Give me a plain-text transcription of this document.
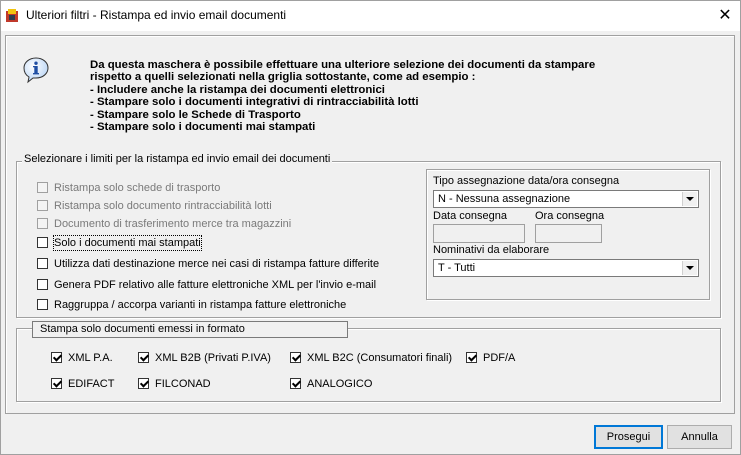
Ulteriori filtri - Ristampa ed invio email documenti	✕
Da questa maschera è possibile effettuare una ulteriore selezione dei documenti da stampare
rispetto a quelli selezionati nella griglia sottostante, come ad esempio :
- Includere anche la ristampa dei documenti elettronici
- Stampare solo i documenti integrativi di rintracciabilità lotti
- Stampare solo le Schede di Trasporto
- Stampare solo i documenti mai stampati
Selezionare i limiti per la ristampa ed invio email dei documenti
Ristampa solo schede di trasporto
Ristampa solo documento rintracciabilità lotti
Documento di trasferimento merce tra magazzini
Solo i documenti mai stampati
Utilizza dati destinazione merce nei casi di ristampa fatture differite
Genera PDF relativo alle fatture elettroniche XML per l'invio e-mail
Raggruppa / accorpa varianti in ristampa fatture elettroniche
Tipo assegnazione data/ora consegna
N - Nessuna assegnazione
Data consegna	Ora consegna
Nominativi da elaborare
T - Tutti
Stampa solo documenti emessi in formato
XML P.A.	XML B2B (Privati P.IVA)	XML B2C (Consumatori finali)	PDF/A
EDIFACT	FILCONAD	ANALOGICO
Prosegui	Annulla
